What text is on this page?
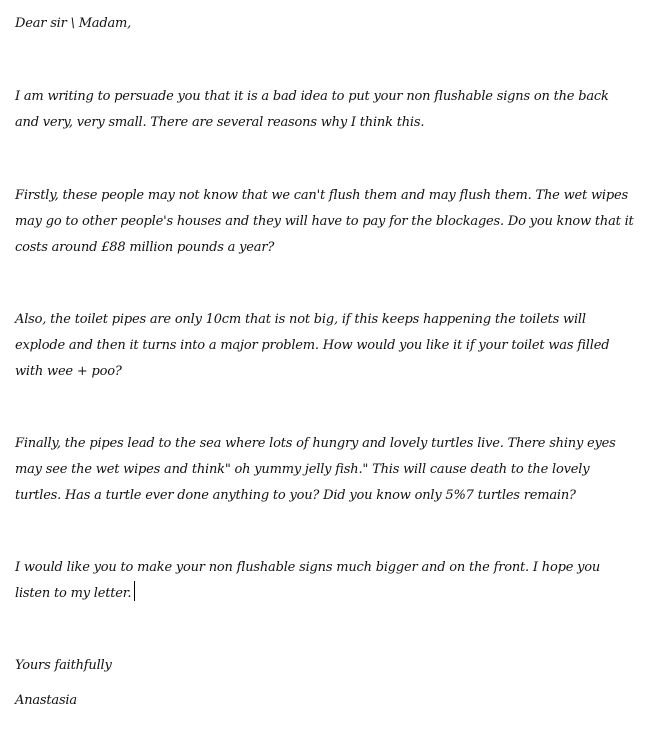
Dear sir \ Madam,

I am writing to persuade you that it is a bad idea to put your non flushable signs on the back and very, very small. There are several reasons why I think this.

Firstly, these people may not know that we can't flush them and may flush them. The wet wipes may go to other people's houses and they will have to pay for the blockages. Do you know that it costs around £88 million pounds a year?

Also, the toilet pipes are only 10cm that is not big, if this keeps happening the toilets will explode and then it turns into a major problem. How would you like it if your toilet was filled with wee + poo?

Finally, the pipes lead to the sea where lots of hungry and lovely turtles live. There shiny eyes may see the wet wipes and think" oh yummy jelly fish." This will cause death to the lovely turtles. Has a turtle ever done anything to you? Did you know only 5%7 turtles remain?

I would like you to make your non flushable signs much bigger and on the front. I hope you listen to my letter.

Yours faithfully

Anastasia
